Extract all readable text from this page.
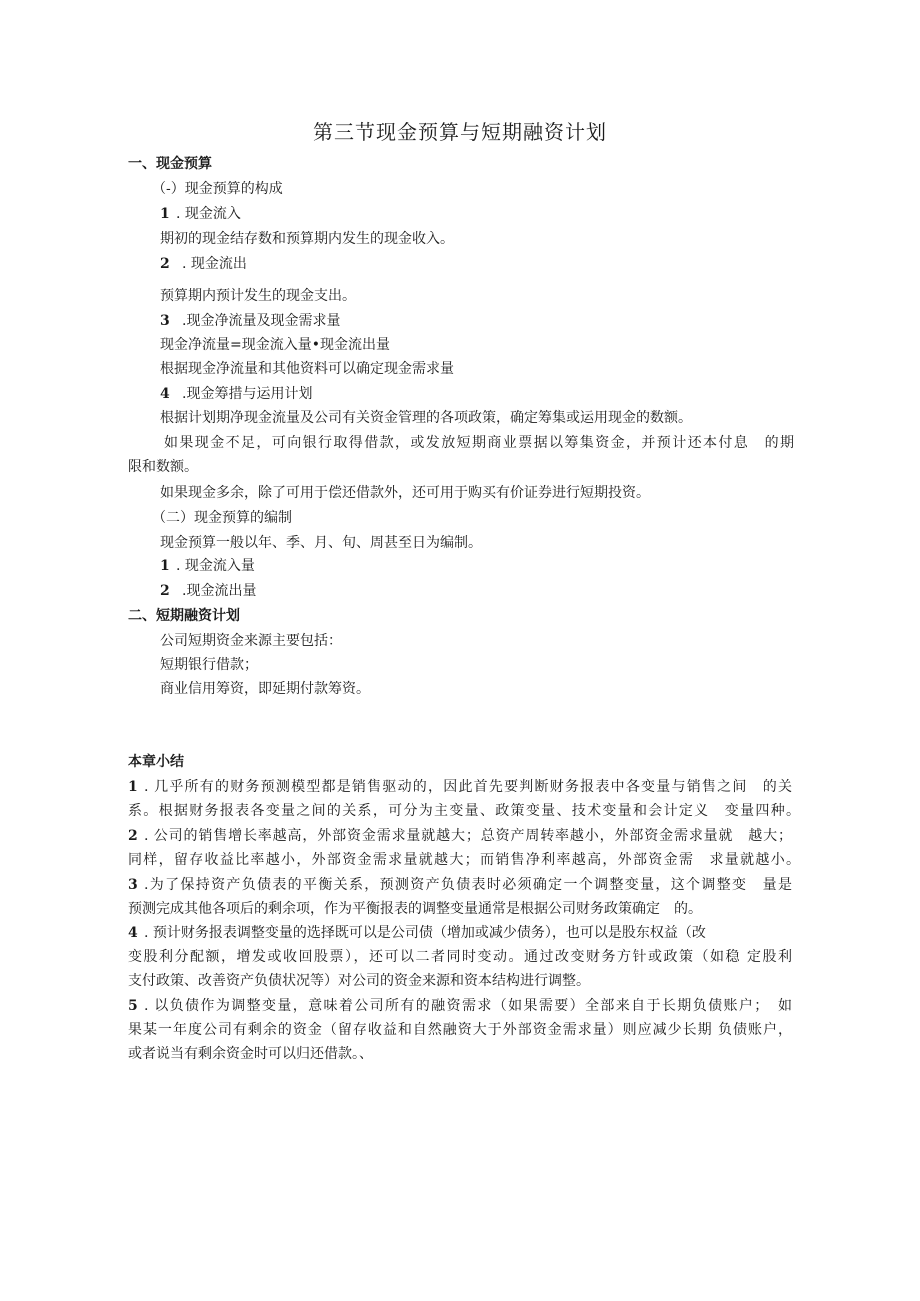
第三节现金预算与短期融资计划
一、现金预算
（-）现金预算的构成
1 . 现金流入
期初的现金结存数和预算期内发生的现金收入。
2 . 现金流出
预算期内预计发生的现金支出。
3 .现金净流量及现金需求量
现金净流量=现金流入量•现金流出量
根据现金净流量和其他资料可以确定现金需求量
4 .现金筹措与运用计划
根据计划期净现金流量及公司有关资金管理的各项政策，确定筹集或运用现金的数额。
如果现金不足，可向银行取得借款，或发放短期商业票据以筹集资金，并预计还本付息　的期
限和数额。
如果现金多余，除了可用于偿还借款外，还可用于购买有价证券进行短期投资。
（二）现金预算的编制
现金预算一般以年、季、月、旬、周甚至日为编制。
1 . 现金流入量
2 .现金流出量
二、短期融资计划
公司短期资金来源主要包括：
短期银行借款；
商业信用筹资，即延期付款筹资。
本章小结
1 . 几乎所有的财务预测模型都是销售驱动的，因此首先要判断财务报表中各变量与销售之间　的关
系。根据财务报表各变量之间的关系，可分为主变量、政策变量、技术变量和会计定义　变量四种。
2 . 公司的销售增长率越高，外部资金需求量就越大；总资产周转率越小，外部资金需求量就　越大；
同样，留存收益比率越小，外部资金需求量就越大；而销售净利率越高，外部资金需　求量就越小。
3 .为了保持资产负债表的平衡关系，预测资产负债表时必须确定一个调整变量，这个调整变　量是
预测完成其他各项后的剩余项，作为平衡报表的调整变量通常是根据公司财务政策确定　的。
4 . 预计财务报表调整变量的选择既可以是公司债（增加或减少债务），也可以是股东权益（改
变股利分配额，增发或收回股票），还可以二者同时变动。通过改变财务方针或政策（如稳 定股利
支付政策、改善资产负债状况等）对公司的资金来源和资本结构进行调整。
5 . 以负债作为调整变量，意味着公司所有的融资需求（如果需要）全部来自于长期负债账户；　如
果某一年度公司有剩余的资金（留存收益和自然融资大于外部资金需求量）则应减少长期 负债账户，
或者说当有剩余资金时可以归还借款。、
